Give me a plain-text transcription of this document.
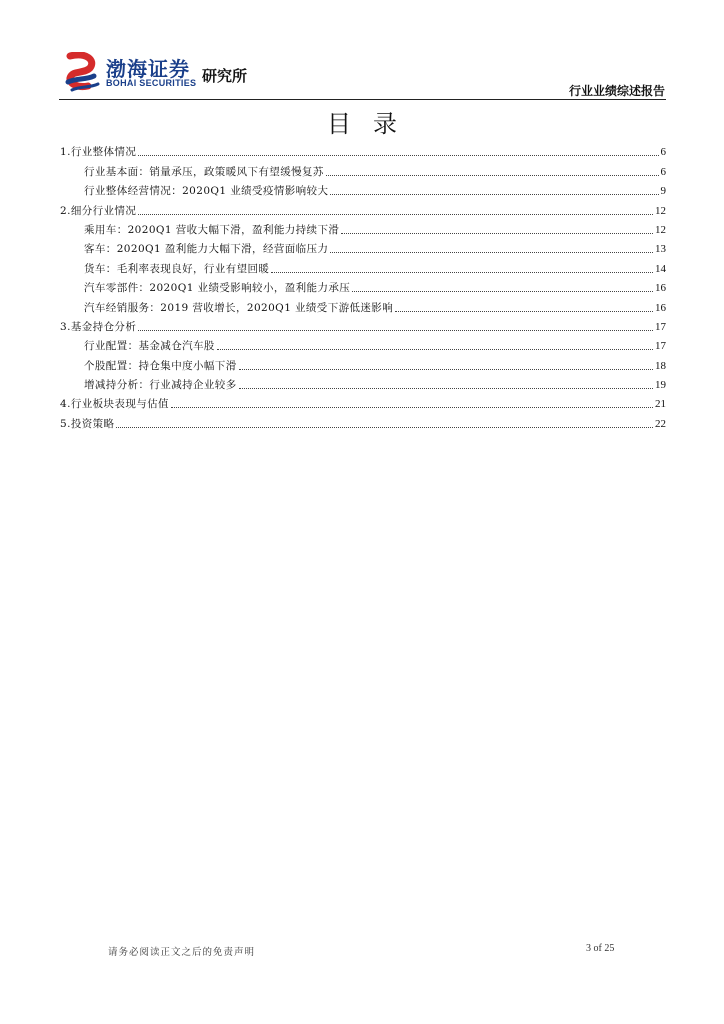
渤海证券
BOHAI SECURITIES 研究所
行业业绩综述报告
目录
1.行业整体情况	6
行业基本面：销量承压，政策暖风下有望缓慢复苏	6
行业整体经营情况：2020Q1 业绩受疫情影响较大	9
2.细分行业情况	12
乘用车：2020Q1 营收大幅下滑，盈利能力持续下滑	12
客车：2020Q1 盈利能力大幅下滑，经营面临压力	13
货车：毛利率表现良好，行业有望回暖	14
汽车零部件：2020Q1 业绩受影响较小，盈利能力承压	16
汽车经销服务：2019 营收增长，2020Q1 业绩受下游低迷影响	16
3.基金持仓分析	17
行业配置：基金减仓汽车股	17
个股配置：持仓集中度小幅下滑	18
增减持分析：行业减持企业较多	19
4.行业板块表现与估值	21
5.投资策略	22
请务必阅读正文之后的免责声明	3 of 25
